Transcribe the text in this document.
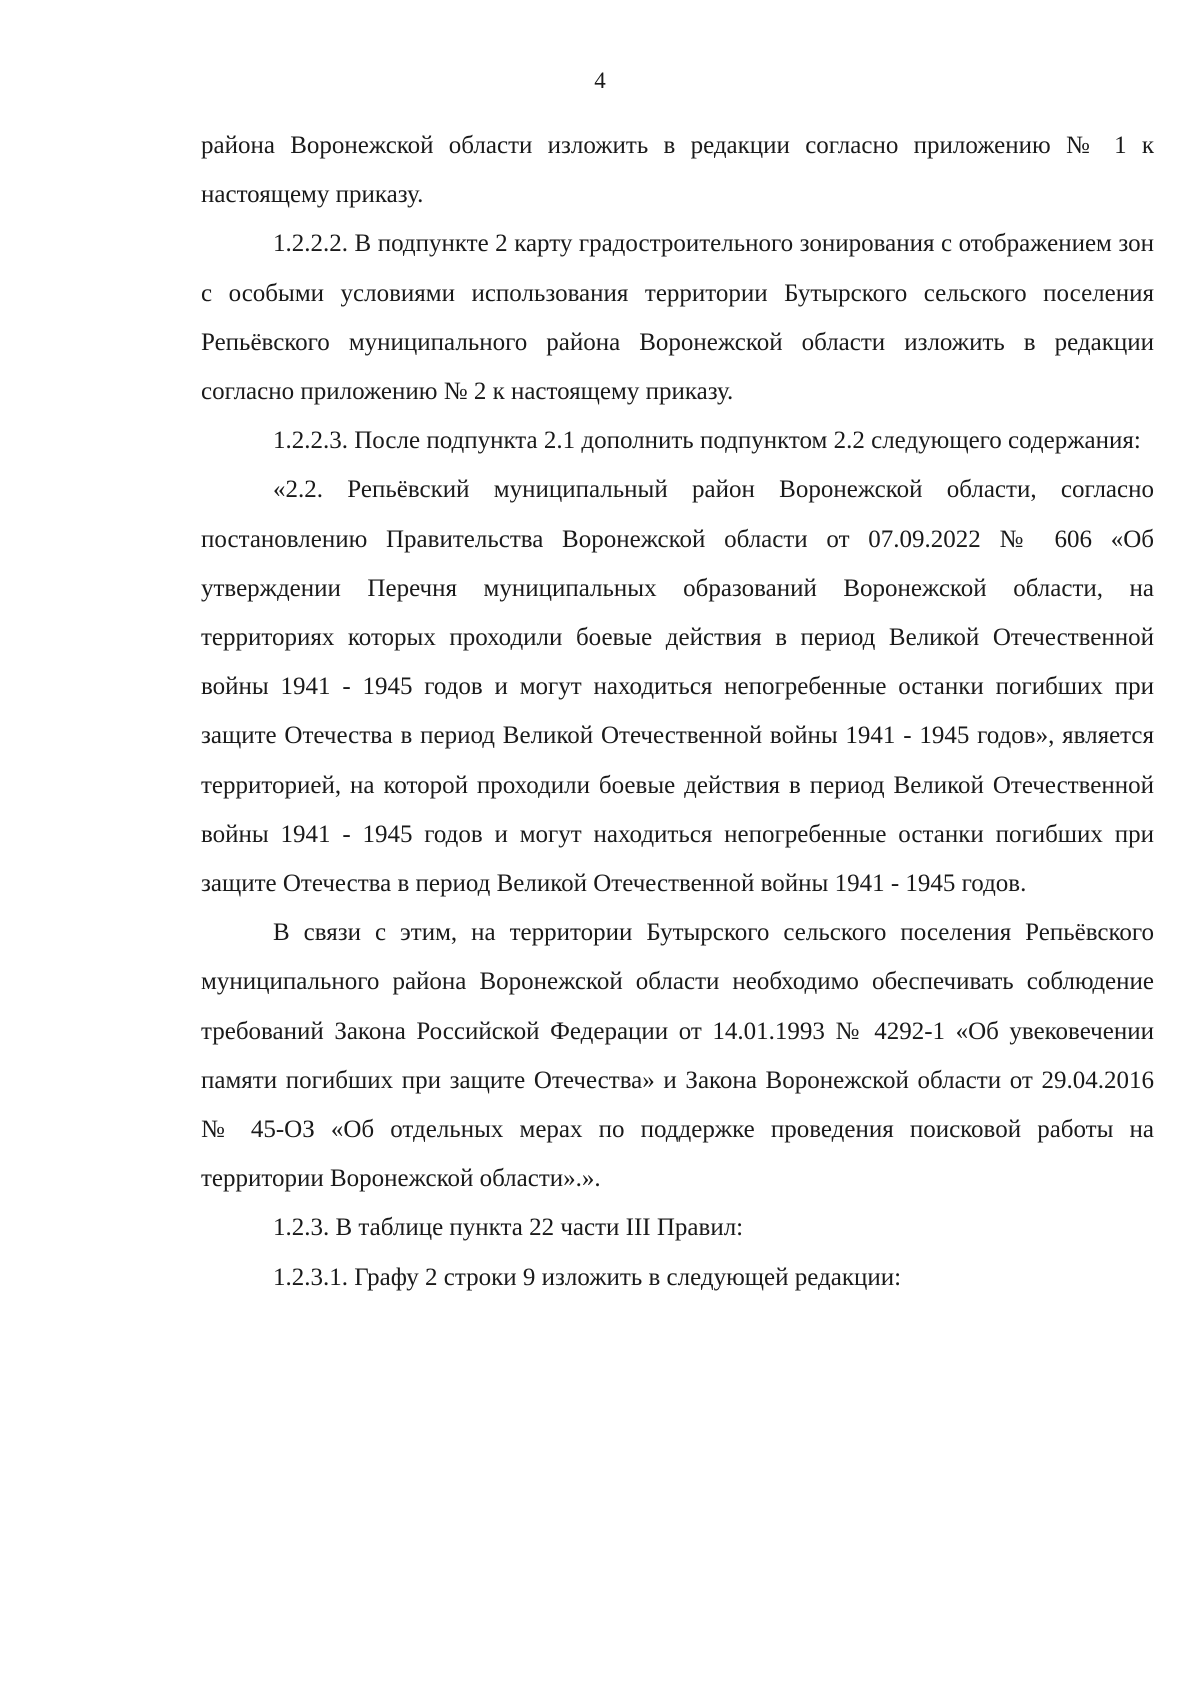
4

района Воронежской области изложить в редакции согласно приложению № 1 к настоящему приказу.

1.2.2.2. В подпункте 2 карту градостроительного зонирования с отображением зон с особыми условиями использования территории Бутырского сельского поселения Репьёвского муниципального района Воронежской области изложить в редакции согласно приложению № 2 к настоящему приказу.

1.2.2.3. После подпункта 2.1 дополнить подпунктом 2.2 следующего содержания:

«2.2. Репьёвский муниципальный район Воронежской области, согласно постановлению Правительства Воронежской области от 07.09.2022 № 606 «Об утверждении Перечня муниципальных образований Воронежской области, на территориях которых проходили боевые действия в период Великой Отечественной войны 1941 - 1945 годов и могут находиться непогребенные останки погибших при защите Отечества в период Великой Отечественной войны 1941 - 1945 годов», является территорией, на которой проходили боевые действия в период Великой Отечественной войны 1941 - 1945 годов и могут находиться непогребенные останки погибших при защите Отечества в период Великой Отечественной войны 1941 - 1945 годов.

В связи с этим, на территории Бутырского сельского поселения Репьёвского муниципального района Воронежской области необходимо обеспечивать соблюдение требований Закона Российской Федерации от 14.01.1993 № 4292-1 «Об увековечении памяти погибших при защите Отечества» и Закона Воронежской области от 29.04.2016 № 45-ОЗ «Об отдельных мерах по поддержке проведения поисковой работы на территории Воронежской области».».

1.2.3. В таблице пункта 22 части III Правил:

1.2.3.1. Графу 2 строки 9 изложить в следующей редакции:
